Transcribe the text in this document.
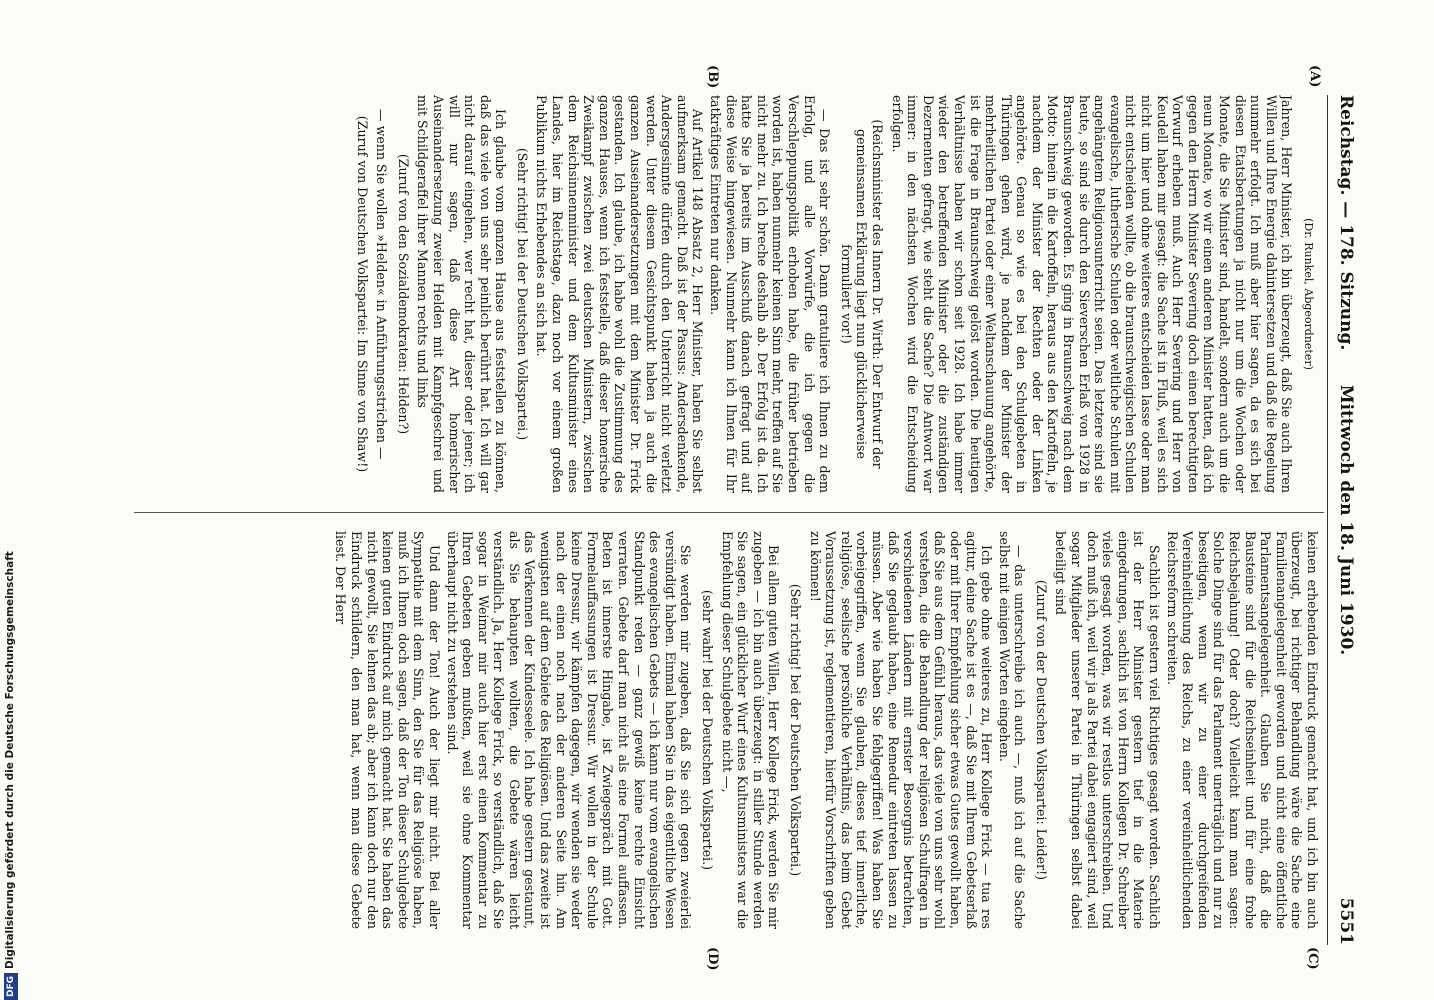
Reichstag. — 178. Sitzung.
Mittwoch den 18. Juni 1930.
5551
(A)
(B)
(C)
(D)

(Dr. Runkel, Abgeordneter)

Jahren, Herr Minister, ich bin überzeugt, daß Sie auch Ihren Willen und Ihre Energie dahintersetzen und daß die Regelung nunmehr erfolgt. Ich muß aber hier sagen, da es sich bei diesen Etatsberatungen ja nicht nur um die Wochen oder Monate, die Sie Minister sind, handelt, sondern auch um die neun Monate, wo wir einen anderen Minister hatten, daß ich gegen den Herrn Minister Severing doch einen berechtigten Vorwurf erheben muß. Auch Herr Severing und Herr von Keudell haben mir gesagt: die Sache ist in Fluß, weil es sich nicht um hier und ohne weiteres entscheiden lasse oder man nicht entscheiden wollte, ob die braunschweigischen Schulen evangelische, lutherische Schulen oder weltliche Schulen mit angehängtem Religionsunterricht seien. Das letztere sind sie heute, so sind sie durch den Sieverschen Erlaß von 1928 in Braunschweig geworden. Es ging in Braunschweig nach dem Motto: hinein in die Kartoffeln, heraus aus den Kartoffeln, je nachdem der Minister der Rechten oder der Linken angehörte. Genau so wie es bei den Schulgebeten in Thüringen gehen wird, je nachdem der Minister der mehrheitlichen Partei oder einer Weltanschauung angehörte, ist die Frage in Braunschweig gelöst worden. Die heutigen Verhältnisse haben wir schon seit 1928. Ich habe immer wieder den betreffenden Minister oder die zuständigen Dezernenten gefragt, wie steht die Sache? Die Antwort war immer: in den nächsten Wochen wird die Entscheidung erfolgen.

(Reichsminister des Innern Dr. Wirth: Der Entwurf der gemeinsamen Erklärung liegt nun glücklicherweise formuliert vor!)

— Das ist sehr schön. Dann gratuliere ich Ihnen zu dem Erfolg, und alle Vorwürfe, die ich gegen die Verschleppungspolitik erhoben habe, die früher betrieben worden ist, haben nunmehr keinen Sinn mehr, treffen auf Sie nicht mehr zu. Ich breche deshalb ab. Der Erfolg ist da. Ich hatte Sie ja bereits im Ausschuß danach gefragt und auf diese Weise hingewiesen. Nunmehr kann ich Ihnen für Ihr tatkräftiges Eintreten nur danken.

Auf Artikel 148 Absatz 2, Herr Minister, haben Sie selbst aufmerksam gemacht. Daß ist der Passus: Andersdenkende, Andersgesinnte dürfen durch den Unterricht nicht verletzt werden. Unter diesem Gesichtspunkt haben ja auch die ganzen Auseinandersetzungen mit dem Minister Dr. Frick gestanden. Ich glaube, ich habe wohl die Zustimmung des ganzen Hauses, wenn ich feststelle, daß dieser homerische Zweikampf zwischen zwei deutschen Ministern, zwischen dem Reichsinnenminister und dem Kultusminister eines Landes, hier im Reichstage, dazu noch vor einem großen Publikum nichts Erhebendes an sich hat.

(Sehr richtig! bei der Deutschen Volkspartei.)

Ich glaube vom ganzen Hause aus feststellen zu können, daß das viele von uns sehr peinlich berührt hat. Ich will gar nicht darauf eingehen, wer recht hat, dieser oder jener; ich will nur sagen, daß diese Art homerischer Auseinandersetzung zweier Helden mit Kampfgeschrei und mit Schildgeraffel ihrer Mannen rechts und links

(Zuruf von den Sozialdemokraten: Helden?)

— wenn Sie wollen »Helden« in Anführungsstrichen —

(Zuruf von Deutschen Volkspartei: Im Sinne von Shaw!)

keinen erhebenden Eindruck gemacht hat, und ich bin auch überzeugt, bei richtiger Behandlung wäre die Sache eine Familienangelegenheit geworden und nicht eine öffentliche Parlamentsangelegenheit. Glauben Sie nicht, daß die Bausteine sind für die Reichseinheit und für eine frohe Reichsbejahung! Oder doch? Vielleicht kann man sagen: Solche Dinge sind für das Parlament unerträglich und nur zu beseitigen, wenn wir zu einer durchgreifenden Vereinheitlichung des Reichs, zu einer vereinheitlichenden Reichsreform schreiten.

Sachlich ist gestern viel Richtiges gesagt worden. Sachlich ist der Herr Minister gestern tief in die Materie eingedrungen, sachlich ist von Herrn Kollegen Dr. Schreiber vieles gesagt worden, was wir restlos unterschreiben. Und doch muß ich, weil wir ja als Partei dabei engagiert sind, weil sogar Mitglieder unserer Partei in Thüringen selbst dabei beteiligt sind

(Zuruf von der Deutschen Volkspartei: Leider!)

— das unterschreibe ich auch —, muß ich auf die Sache selbst mit einigen Worten eingehen.

Ich gebe ohne weiteres zu, Herr Kollege Frick — tua res agitur, deine Sache ist es —, daß Sie mit Ihrem Gebetserlaß oder mit Ihrer Empfehlung sicher etwas Gutes gewollt haben, daß Sie aus dem Gefühl heraus, das viele von uns sehr wohl verstehen, die die Behandlung der religiösen Schulfragen in verschiedenen Ländern mit ernster Besorgnis betrachten, daß Sie geglaubt haben, eine Remedur eintreten lassen zu müssen. Aber wie haben Sie fehlgegriffen! Was haben Sie vorbeigegriffen, wenn Sie glauben, dieses tief innerliche, religiöse, seelische persönliche Verhältnis, das beim Gebet Voraussetzung ist, reglementieren, hierfür Vorschriften geben zu können!

(Sehr richtig! bei der Deutschen Volkspartei.)

Bei allem guten Willen, Herr Kollege Frick, werden Sie mir zugeben — ich bin auch überzeugt: in stiller Stunde werden Sie sagen, ein glücklicher Wurf eines Kultusministers war die Empfehlung dieser Schulgebete nicht —,

(sehr wahr! bei der Deutschen Volkspartei.)

Sie werden mir zugeben, daß Sie sich gegen zweierlei versündigt haben. Einmal haben Sie in das eigentliche Wesen des evangelischen Gebets — ich kann nur vom evangelischen Standpunkt reden — ganz gewiß keine rechte Einsicht verraten. Gebete darf man nicht als eine Formel auffassen. Beten ist innerste Hingabe, ist Zwiegespräch mit Gott. Formelauffassungen ist Dressur. Wir wollen in der Schule keine Dressur, wir kämpfen dagegen, wir wenden sie weder nach der einen noch nach der anderen Seite hin. Am wenigsten auf dem Gebiete des Religiösen. Und das zweite ist das Verkennen der Kindesseele. Ich habe gestern gestaunt, als Sie behaupten wollten, die Gebete wären leicht verständlich. Ja, Herr Kollege Frick, so verständlich, daß Sie sogar in Weimar mir auch hier erst einen Kommentar zu Ihren Gebeten geben mußten, weil sie ohne Kommentar überhaupt nicht zu verstehen sind.

Und dann der Ton! Auch der liegt mir nicht. Bei aller Sympathie mit dem Sinn, den Sie für das Religiöse haben, muß ich Ihnen doch sagen, daß der Ton dieser Schulgebete keinen guten Eindruck auf mich gemacht hat. Sie haben das nicht gewollt, Sie lehnen das ab; aber ich kann doch nur den Eindruck schildern, den man hat, wenn man diese Gebete liest. Der Herr

DFGDigitalisierung gefördert durch die Deutsche Forschungsgemeinschaft
